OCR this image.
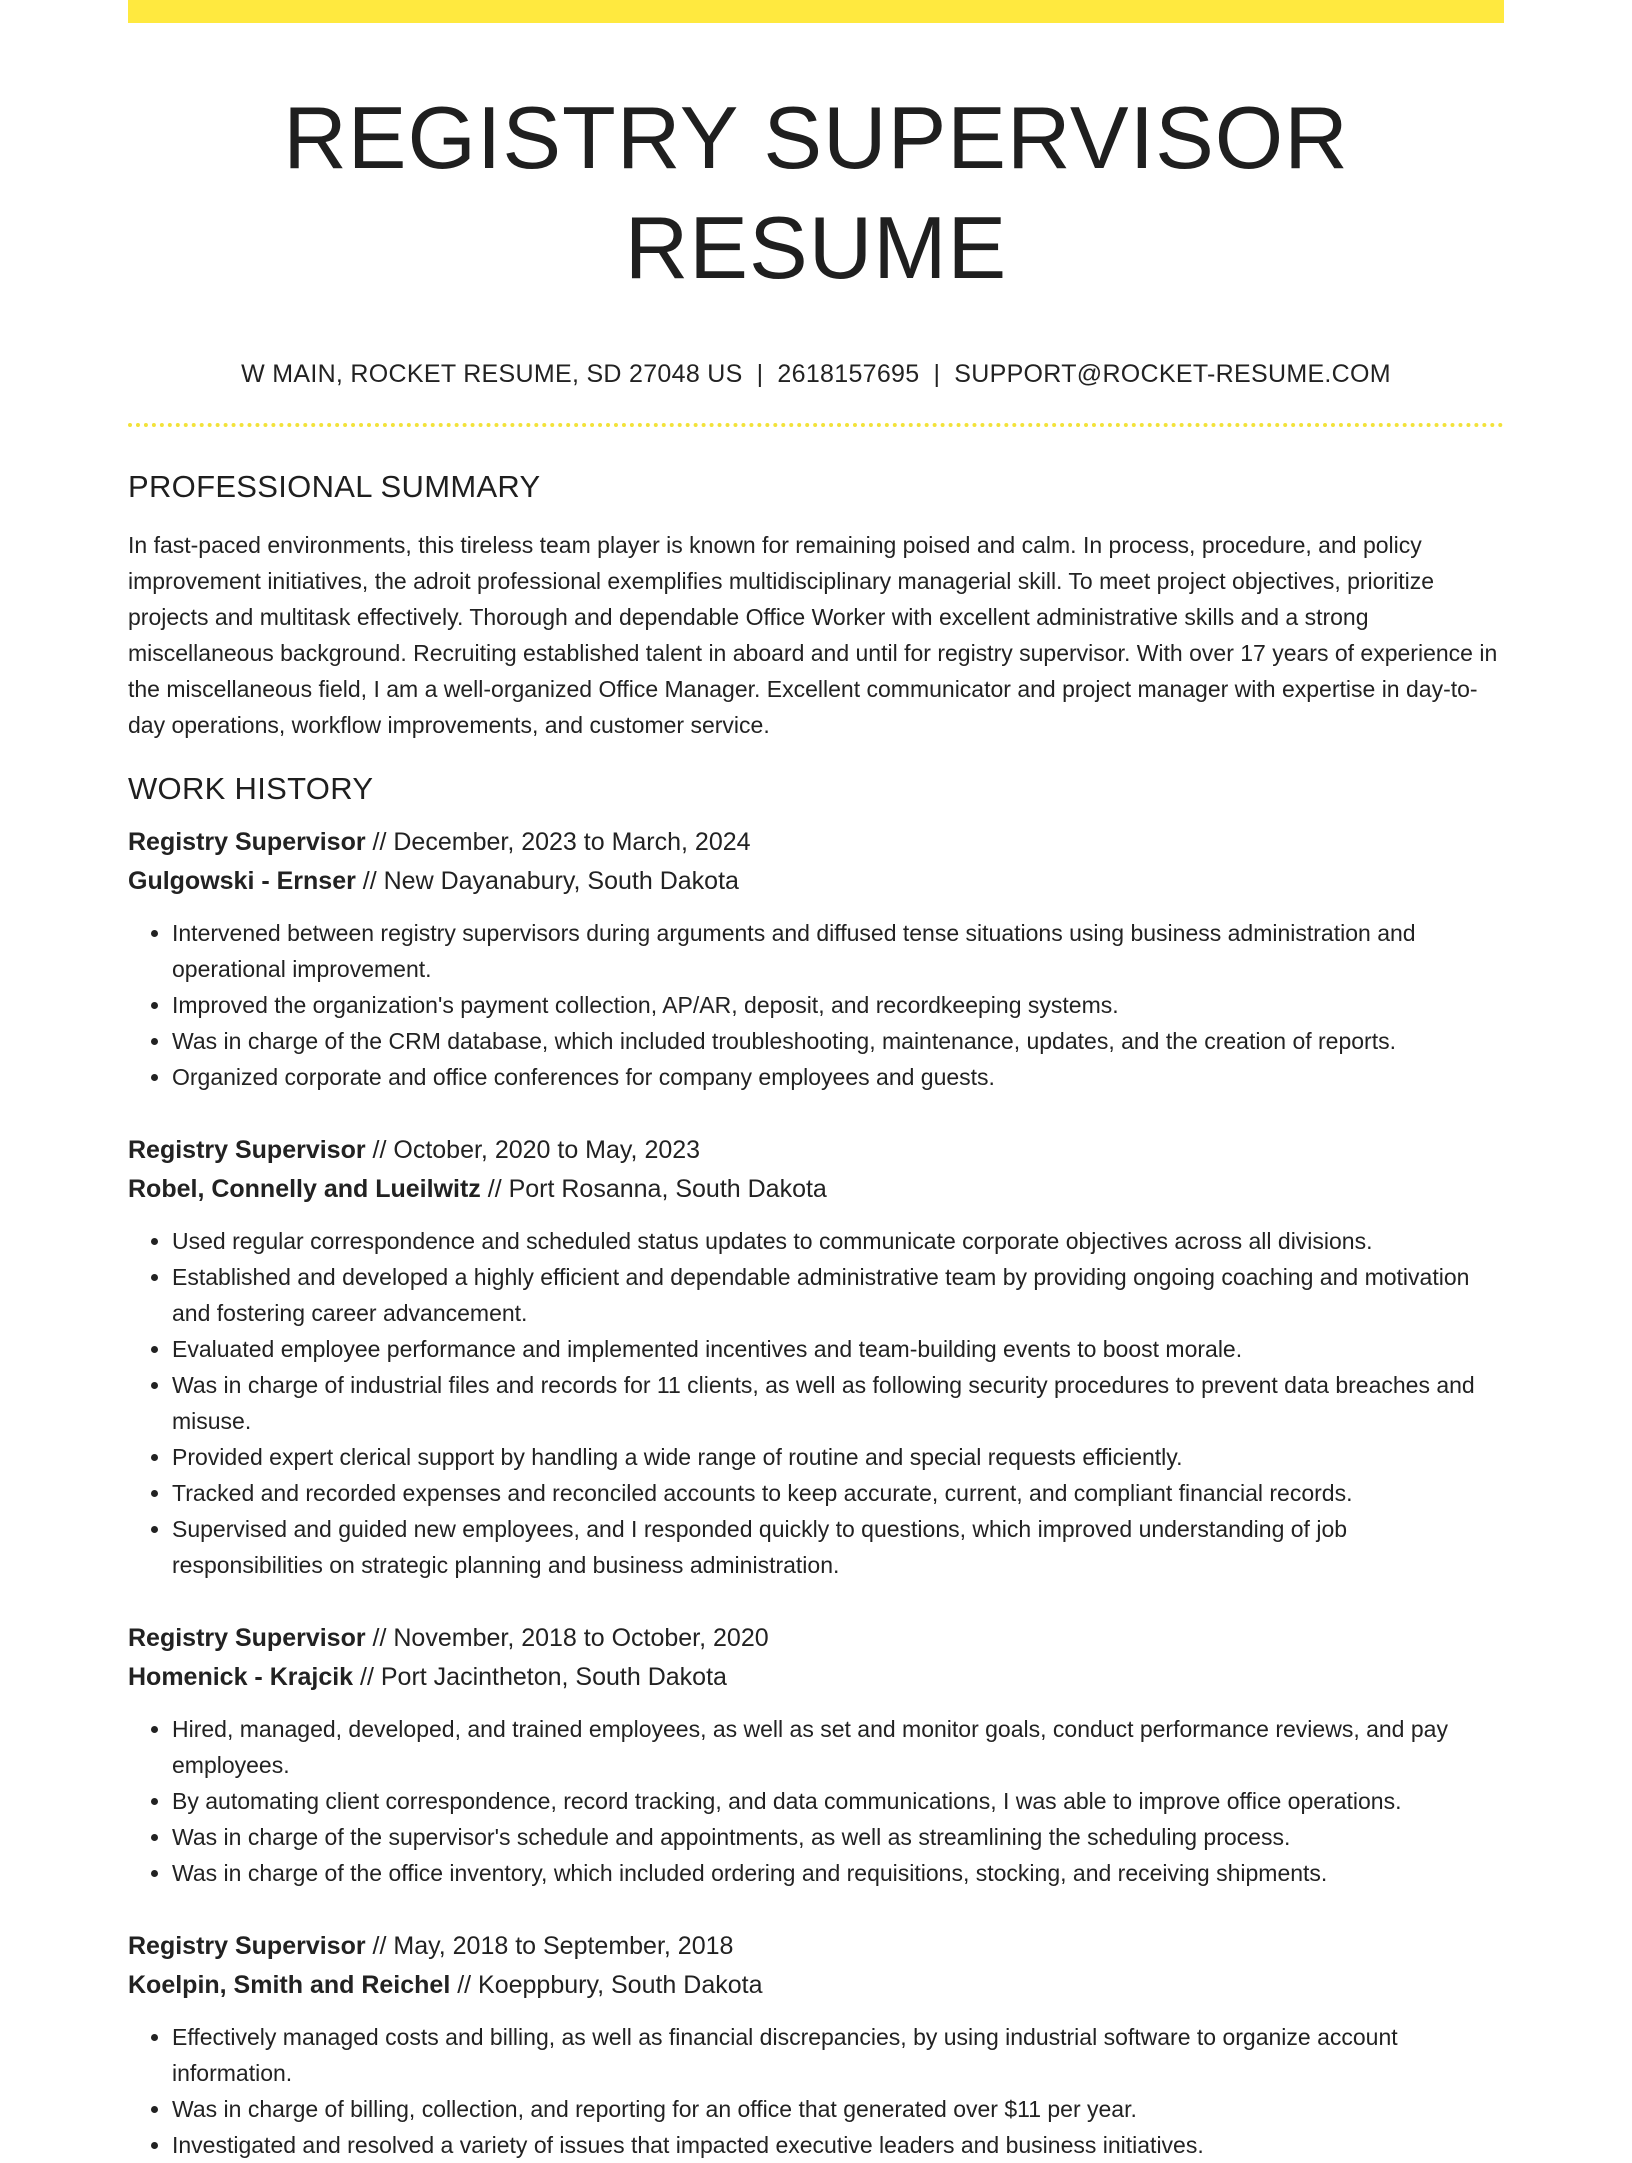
REGISTRY SUPERVISOR RESUME
W MAIN, ROCKET RESUME, SD 27048 US | 2618157695 | SUPPORT@ROCKET-RESUME.COM
PROFESSIONAL SUMMARY
In fast-paced environments, this tireless team player is known for remaining poised and calm. In process, procedure, and policy improvement initiatives, the adroit professional exemplifies multidisciplinary managerial skill. To meet project objectives, prioritize projects and multitask effectively. Thorough and dependable Office Worker with excellent administrative skills and a strong miscellaneous background. Recruiting established talent in aboard and until for registry supervisor. With over 17 years of experience in the miscellaneous field, I am a well-organized Office Manager. Excellent communicator and project manager with expertise in day-to-day operations, workflow improvements, and customer service.
WORK HISTORY
Registry Supervisor // December, 2023 to March, 2024
Gulgowski - Ernser // New Dayanabury, South Dakota
• Intervened between registry supervisors during arguments and diffused tense situations using business administration and operational improvement.
• Improved the organization's payment collection, AP/AR, deposit, and recordkeeping systems.
• Was in charge of the CRM database, which included troubleshooting, maintenance, updates, and the creation of reports.
• Organized corporate and office conferences for company employees and guests.
Registry Supervisor // October, 2020 to May, 2023
Robel, Connelly and Lueilwitz // Port Rosanna, South Dakota
• Used regular correspondence and scheduled status updates to communicate corporate objectives across all divisions.
• Established and developed a highly efficient and dependable administrative team by providing ongoing coaching and motivation and fostering career advancement.
• Evaluated employee performance and implemented incentives and team-building events to boost morale.
• Was in charge of industrial files and records for 11 clients, as well as following security procedures to prevent data breaches and misuse.
• Provided expert clerical support by handling a wide range of routine and special requests efficiently.
• Tracked and recorded expenses and reconciled accounts to keep accurate, current, and compliant financial records.
• Supervised and guided new employees, and I responded quickly to questions, which improved understanding of job responsibilities on strategic planning and business administration.
Registry Supervisor // November, 2018 to October, 2020
Homenick - Krajcik // Port Jacintheton, South Dakota
• Hired, managed, developed, and trained employees, as well as set and monitor goals, conduct performance reviews, and pay employees.
• By automating client correspondence, record tracking, and data communications, I was able to improve office operations.
• Was in charge of the supervisor's schedule and appointments, as well as streamlining the scheduling process.
• Was in charge of the office inventory, which included ordering and requisitions, stocking, and receiving shipments.
Registry Supervisor // May, 2018 to September, 2018
Koelpin, Smith and Reichel // Koeppbury, South Dakota
• Effectively managed costs and billing, as well as financial discrepancies, by using industrial software to organize account information.
• Was in charge of billing, collection, and reporting for an office that generated over $11 per year.
• Investigated and resolved a variety of issues that impacted executive leaders and business initiatives.
